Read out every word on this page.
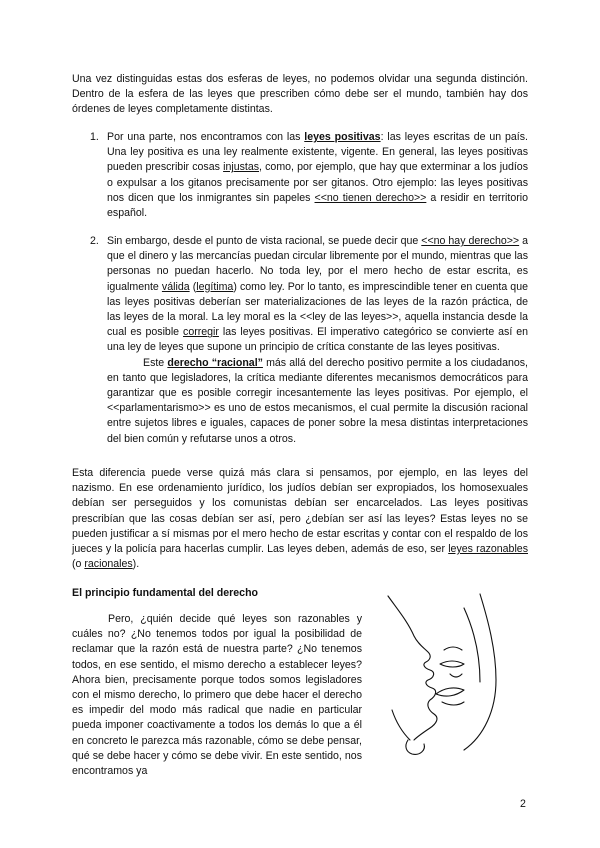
Una vez distinguidas estas dos esferas de leyes, no podemos olvidar una segunda distinción. Dentro de la esfera de las leyes que prescriben cómo debe ser el mundo, también hay dos órdenes de leyes completamente distintas.

1. Por una parte, nos encontramos con las leyes positivas: las leyes escritas de un país. Una ley positiva es una ley realmente existente, vigente. En general, las leyes positivas pueden prescribir cosas injustas, como, por ejemplo, que hay que exterminar a los judíos o expulsar a los gitanos precisamente por ser gitanos. Otro ejemplo: las leyes positivas nos dicen que los inmigrantes sin papeles <<no tienen derecho>> a residir en territorio español.

2. Sin embargo, desde el punto de vista racional, se puede decir que <<no hay derecho>> a que el dinero y las mercancías puedan circular libremente por el mundo, mientras que las personas no puedan hacerlo. No toda ley, por el mero hecho de estar escrita, es igualmente válida (legítima) como ley. Por lo tanto, es imprescindible tener en cuenta que las leyes positivas deberían ser materializaciones de las leyes de la razón práctica, de las leyes de la moral. La ley moral es la <<ley de las leyes>>, aquella instancia desde la cual es posible corregir las leyes positivas. El imperativo categórico se convierte así en una ley de leyes que supone un principio de crítica constante de las leyes positivas.

Este derecho “racional” más allá del derecho positivo permite a los ciudadanos, en tanto que legisladores, la crítica mediante diferentes mecanismos democráticos para garantizar que es posible corregir incesantemente las leyes positivas. Por ejemplo, el <<parlamentarismo>> es uno de estos mecanismos, el cual permite la discusión racional entre sujetos libres e iguales, capaces de poner sobre la mesa distintas interpretaciones del bien común y refutarse unos a otros.

Esta diferencia puede verse quizá más clara si pensamos, por ejemplo, en las leyes del nazismo. En ese ordenamiento jurídico, los judíos debían ser expropiados, los homosexuales debían ser perseguidos y los comunistas debían ser encarcelados. Las leyes positivas prescribían que las cosas debían ser así, pero ¿debían ser así las leyes? Estas leyes no se pueden justificar a sí mismas por el mero hecho de estar escritas y contar con el respaldo de los jueces y la policía para hacerlas cumplir. Las leyes deben, además de eso, ser leyes razonables (o racionales).

El principio fundamental del derecho

Pero, ¿quién decide qué leyes son razonables y cuáles no? ¿No tenemos todos por igual la posibilidad de reclamar que la razón está de nuestra parte? ¿No tenemos todos, en ese sentido, el mismo derecho a establecer leyes? Ahora bien, precisamente porque todos somos legisladores con el mismo derecho, lo primero que debe hacer el derecho es impedir del modo más radical que nadie en particular pueda imponer coactivamente a todos los demás lo que a él en concreto le parezca más razonable, cómo se debe pensar, qué se debe hacer y cómo se debe vivir. En este sentido, nos encontramos ya

2
